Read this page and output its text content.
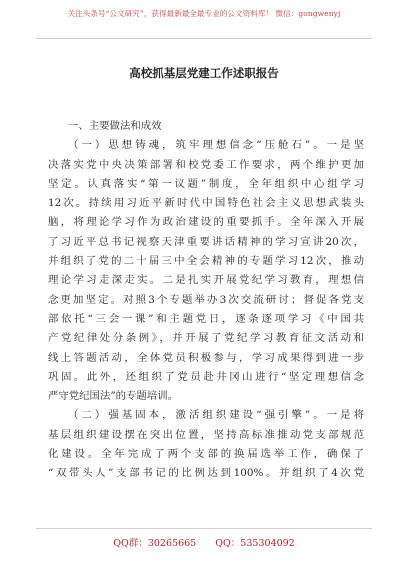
关注头条号“公文研究”，获得最新最全最专业的公文资料库！ 微信：gongwenyj
高校抓基层党建工作述职报告
一、主要做法和成效
（一）思想铸魂，筑牢理想信念“压舱石”。一是坚
决落实党中央决策部署和校党委工作要求，两个维护更加
坚定。认真落实“第一议题”制度，全年组织中心组学习
12次。持续用习近平新时代中国特色社会主义思想武装头
脑，将理论学习作为政治建设的重要抓手。全年深入开展
了习近平总书记视察天津重要讲话精神的学习宣讲20次，
并组织了党的二十届三中全会精神的专题学习12次，推动
理论学习走深走实。二是扎实开展党纪学习教育，理想信
念更加坚定。对照3个专题举办3次交流研讨；督促各党支
部依托“三会一课”和主题党日，逐条逐项学习《中国共
产党纪律处分条例》，并开展了党纪学习教育征文活动和
线上答题活动，全体党员积极参与，学习成果得到进一步
巩固。此外，还组织了党员赴井冈山进行“坚定理想信念
严守党纪国法”的专题培训。
（二）强基固本，激活组织建设“强引擎”。一是将
基层组织建设摆在突出位置，坚持高标准推动党支部规范
化建设。全年完成了两个支部的换届选举工作，确保了
“双带头人”支部书记的比例达到100%。并组织了4次党
QQ群：30265665 QQ：535304092
